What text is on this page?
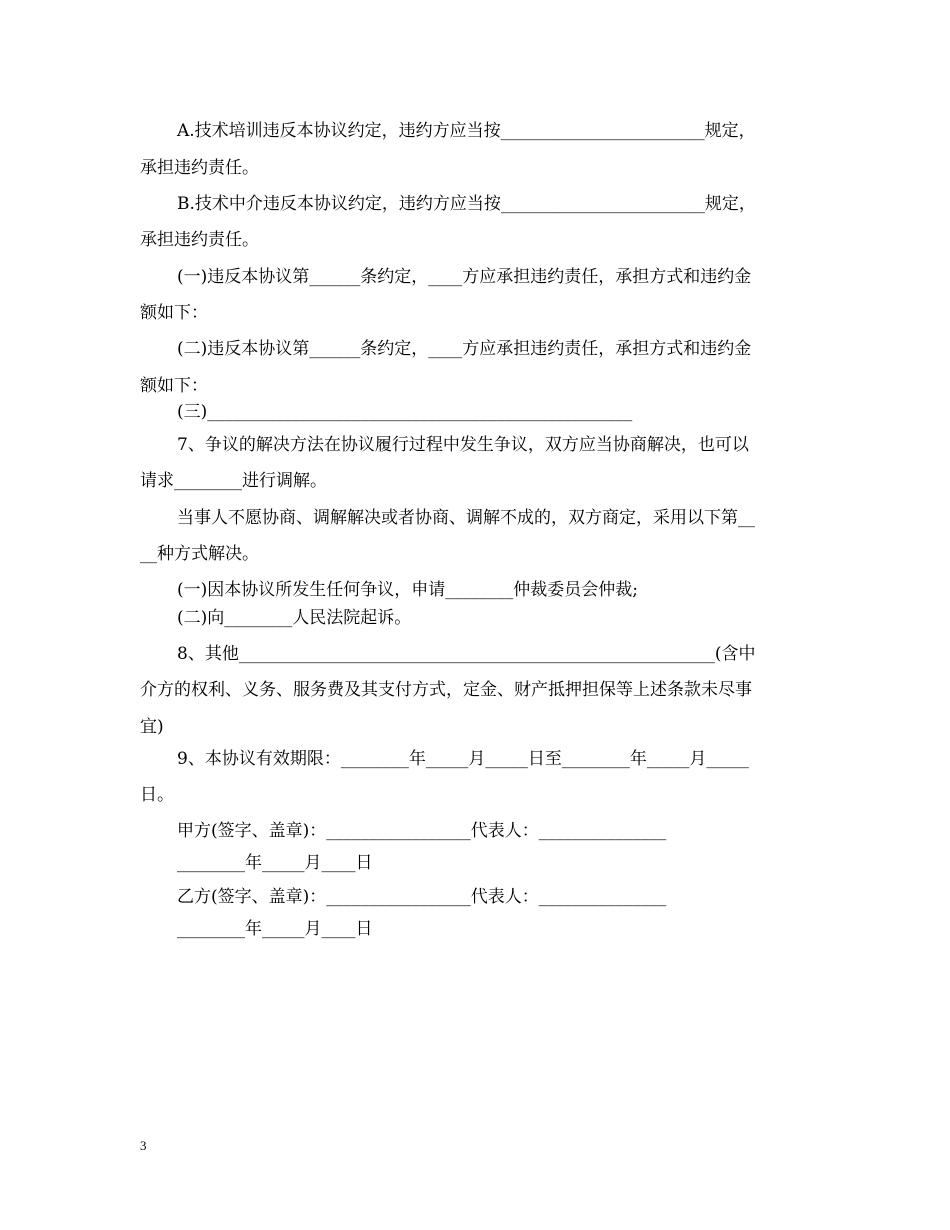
A.技术培训违反本协议约定，违约方应当按________________________规定，
承担违约责任。
B.技术中介违反本协议约定，违约方应当按________________________规定，
承担违约责任。
(一)违反本协议第______条约定，____方应承担违约责任，承担方式和违约金
额如下：
(二)违反本协议第______条约定，____方应承担违约责任，承担方式和违约金
额如下：
(三)__________________________________________________
7、争议的解决方法在协议履行过程中发生争议，双方应当协商解决，也可以
请求________进行调解。
当事人不愿协商、调解解决或者协商、调解不成的，双方商定，采用以下第__
__种方式解决。
(一)因本协议所发生任何争议，申请________仲裁委员会仲裁;
(二)向________人民法院起诉。
8、其他________________________________________________________(含中
介方的权利、义务、服务费及其支付方式，定金、财产抵押担保等上述条款未尽事
宜)
9、本协议有效期限：________年_____月_____日至________年_____月_____
日。
甲方(签字、盖章)：_________________代表人：_______________
________年_____月____日
乙方(签字、盖章)：_________________代表人：_______________
________年_____月____日
3
